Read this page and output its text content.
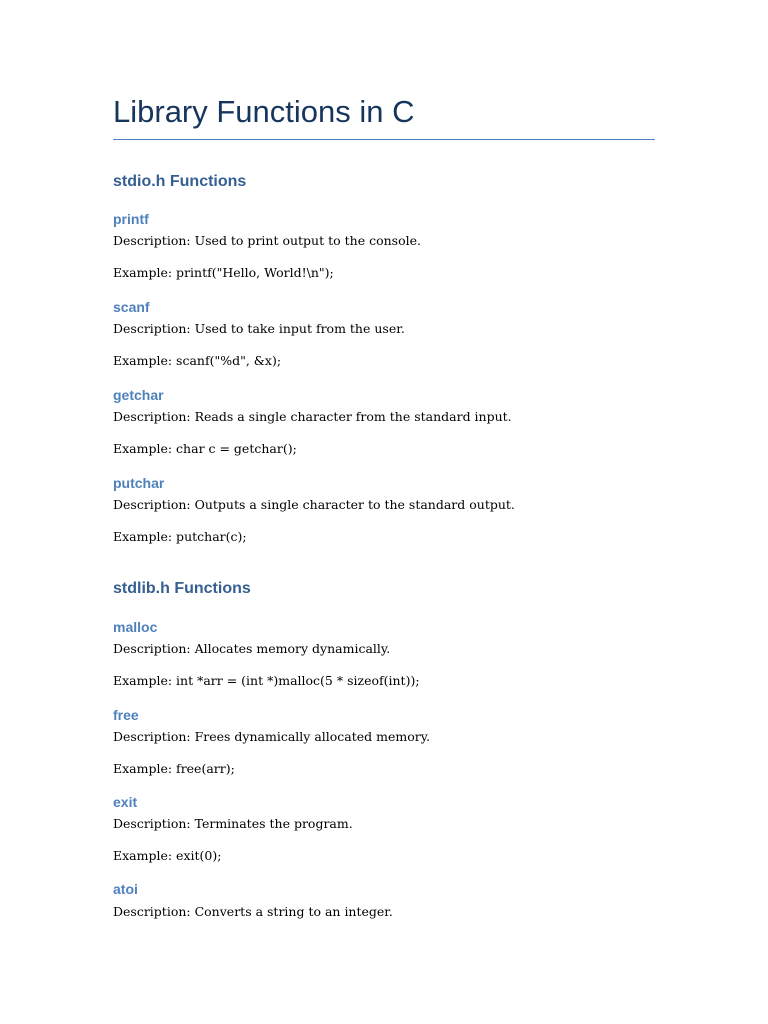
Library Functions in C
stdio.h Functions
printf
Description: Used to print output to the console.
Example: printf("Hello, World!\n");
scanf
Description: Used to take input from the user.
Example: scanf("%d", &x);
getchar
Description: Reads a single character from the standard input.
Example: char c = getchar();
putchar
Description: Outputs a single character to the standard output.
Example: putchar(c);
stdlib.h Functions
malloc
Description: Allocates memory dynamically.
Example: int *arr = (int *)malloc(5 * sizeof(int));
free
Description: Frees dynamically allocated memory.
Example: free(arr);
exit
Description: Terminates the program.
Example: exit(0);
atoi
Description: Converts a string to an integer.
